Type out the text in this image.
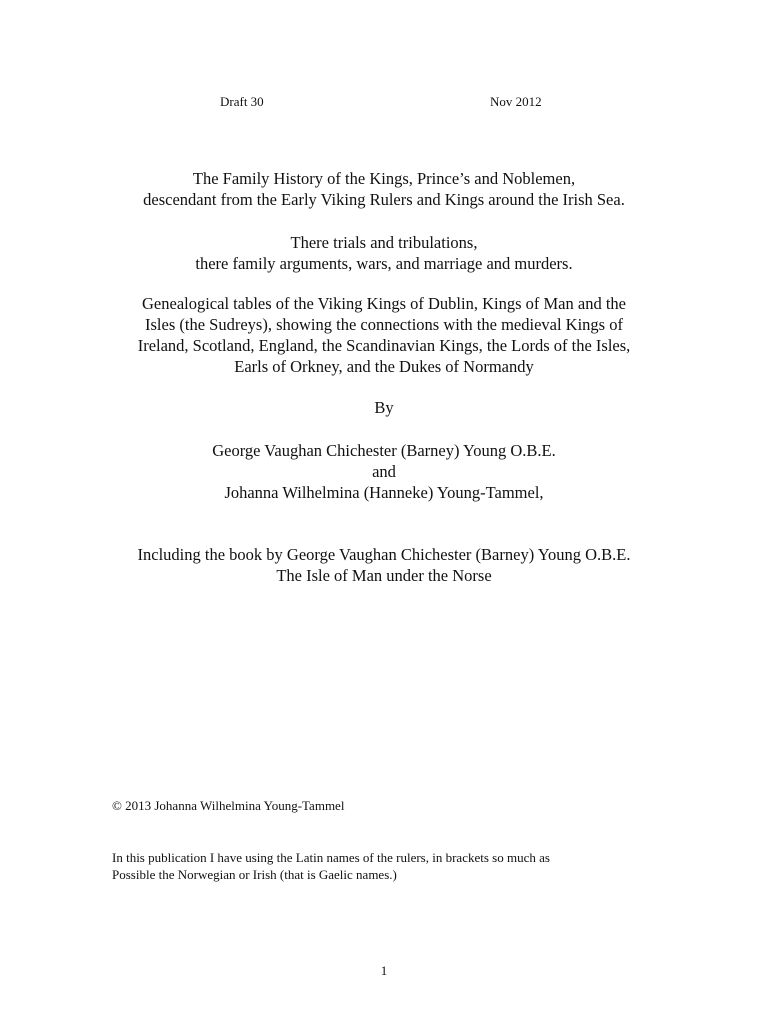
Draft 30	Nov 2012

The Family History of the Kings, Prince’s and Noblemen,
descendant from the Early Viking Rulers and Kings around the Irish Sea.
There trials and tribulations,
there family arguments, wars, and marriage and murders.
Genealogical tables of the Viking Kings of Dublin, Kings of Man and the
Isles (the Sudreys), showing the connections with the medieval Kings of
Ireland, Scotland, England, the Scandinavian Kings, the Lords of the Isles,
Earls of Orkney, and the Dukes of Normandy

By

George Vaughan Chichester (Barney) Young O.B.E.
and
Johanna Wilhelmina (Hanneke) Young-Tammel,
Including the book by George Vaughan Chichester (Barney) Young O.B.E.
The Isle of Man under the Norse

© 2013 Johanna Wilhelmina Young-Tammel

In this publication I have using the Latin names of the rulers, in brackets so much as
Possible the Norwegian or Irish (that is Gaelic names.)

1
